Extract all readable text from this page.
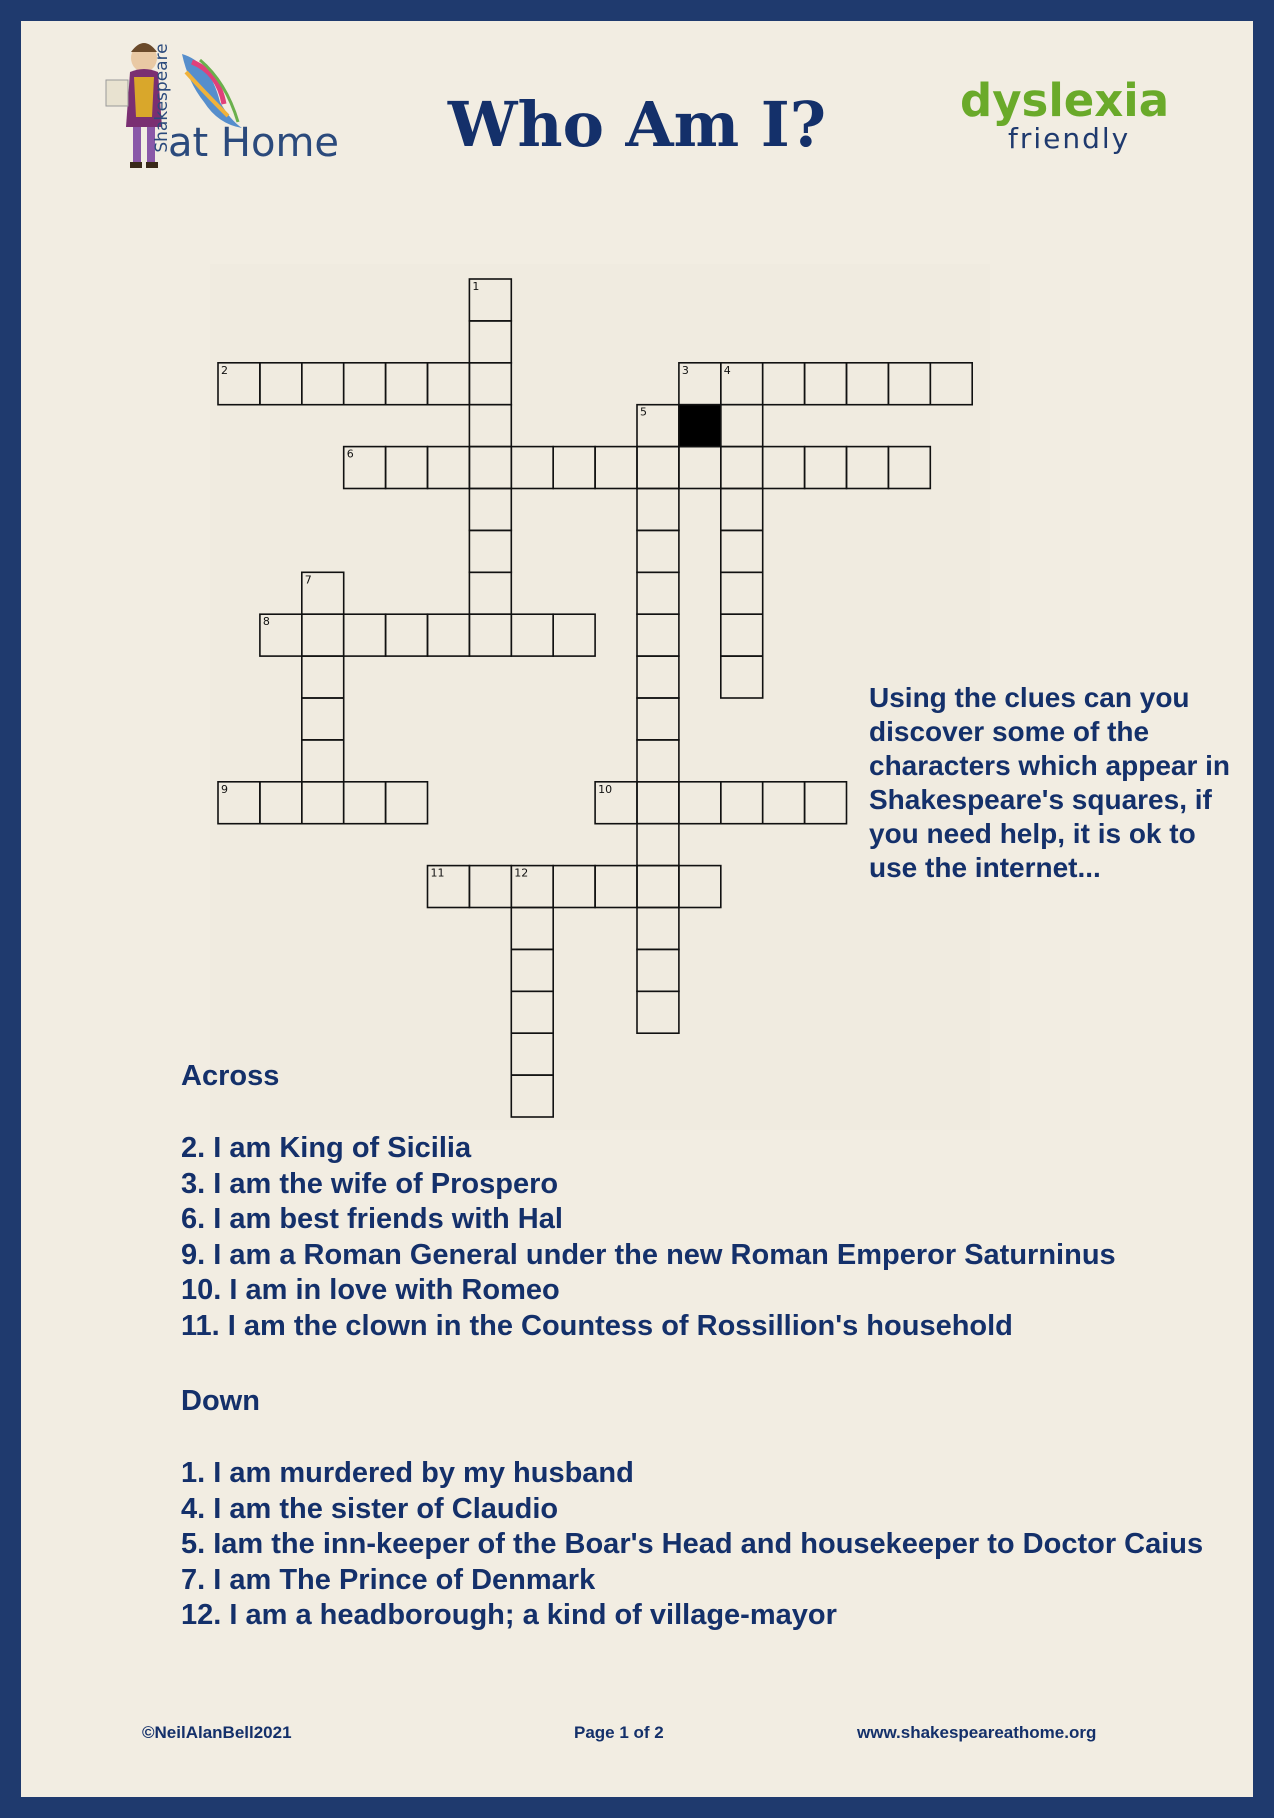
Shakespeare
at Home	Who Am I?	dyslexia
friendly
1
2	3	4
5
6
7
8
9	10
11	12
Using the clues can you discover some of the characters which appear in Shakespeare's squares, if you need help, it is ok to use the internet...
Across
2. I am King of Sicilia
3. I am the wife of Prospero
6. I am best friends with Hal
9. I am a Roman General under the new Roman Emperor Saturninus
10. I am in love with Romeo
11. I am the clown in the Countess of Rossillion's household
Down
1. I am murdered by my husband
4. I am the sister of Claudio
5. Iam the inn-keeper of the Boar's Head and housekeeper to Doctor Caius
7. I am The Prince of Denmark
12. I am a headborough; a kind of village-mayor
©NeilAlanBell2021	Page 1 of 2	www.shakespeareathome.org
